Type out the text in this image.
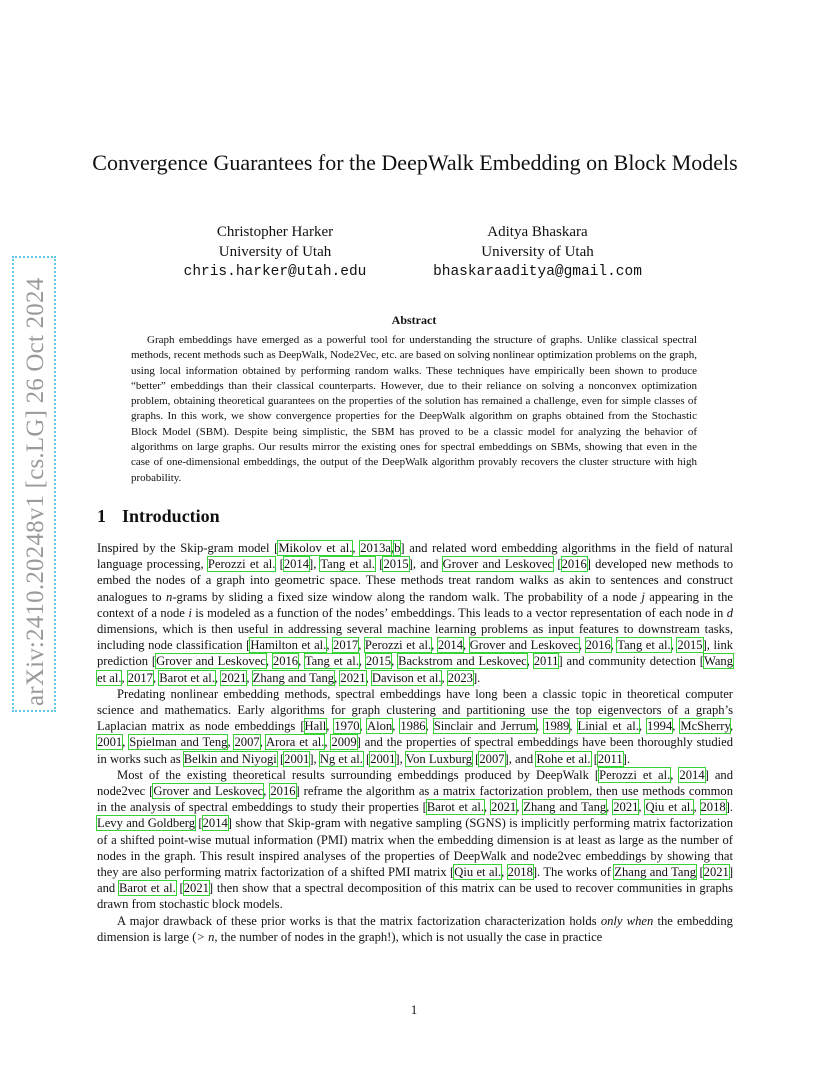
arXiv:2410.20248v1 [cs.LG] 26 Oct 2024
Convergence Guarantees for the DeepWalk Embedding on Block Models
Christopher Harker
University of Utah
chris.harker@utah.edu
Aditya Bhaskara
University of Utah
bhaskaraaditya@gmail.com
Abstract
Graph embeddings have emerged as a powerful tool for understanding the structure of graphs. Unlike classical spectral methods, recent methods such as DeepWalk, Node2Vec, etc. are based on solving nonlinear optimization problems on the graph, using local information obtained by performing random walks. These techniques have empirically been shown to produce “better” embeddings than their classical counterparts. However, due to their reliance on solving a nonconvex optimization problem, obtaining theoretical guarantees on the properties of the solution has remained a challenge, even for simple classes of graphs. In this work, we show convergence properties for the DeepWalk algorithm on graphs obtained from the Stochastic Block Model (SBM). Despite being simplistic, the SBM has proved to be a classic model for analyzing the behavior of algorithms on large graphs. Our results mirror the existing ones for spectral embeddings on SBMs, showing that even in the case of one-dimensional embeddings, the output of the DeepWalk algorithm provably recovers the cluster structure with high probability.
1 Introduction

Inspired by the Skip-gram model [Mikolov et al., 2013a,b] and related word embedding algorithms in the field of natural language processing, Perozzi et al. [2014], Tang et al. [2015], and Grover and Leskovec [2016] developed new methods to embed the nodes of a graph into geometric space. These methods treat random walks as akin to sentences and construct analogues to n-grams by sliding a fixed size window along the random walk. The probability of a node j appearing in the context of a node i is modeled as a function of the nodes’ embeddings. This leads to a vector representation of each node in d dimensions, which is then useful in addressing several machine learning problems as input features to downstream tasks, including node classification [Hamilton et al., 2017, Perozzi et al., 2014, Grover and Leskovec, 2016, Tang et al., 2015], link prediction [Grover and Leskovec, 2016, Tang et al., 2015, Backstrom and Leskovec, 2011] and community detection [Wang et al., 2017, Barot et al., 2021, Zhang and Tang, 2021, Davison et al., 2023].

Predating nonlinear embedding methods, spectral embeddings have long been a classic topic in theoretical computer science and mathematics. Early algorithms for graph clustering and partitioning use the top eigenvectors of a graph’s Laplacian matrix as node embeddings [Hall, 1970, Alon, 1986, Sinclair and Jerrum, 1989, Linial et al., 1994, McSherry, 2001, Spielman and Teng, 2007, Arora et al., 2009] and the properties of spectral embeddings have been thoroughly studied in works such as Belkin and Niyogi [2001], Ng et al. [2001], Von Luxburg [2007], and Rohe et al. [2011].

Most of the existing theoretical results surrounding embeddings produced by DeepWalk [Perozzi et al., 2014] and node2vec [Grover and Leskovec, 2016] reframe the algorithm as a matrix factorization problem, then use methods common in the analysis of spectral embeddings to study their properties [Barot et al., 2021, Zhang and Tang, 2021, Qiu et al., 2018]. Levy and Goldberg [2014] show that Skip-gram with negative sampling (SGNS) is implicitly performing matrix factorization of a shifted point-wise mutual information (PMI) matrix when the embedding dimension is at least as large as the number of nodes in the graph. This result inspired analyses of the properties of DeepWalk and node2vec embeddings by showing that they are also performing matrix factorization of a shifted PMI matrix [Qiu et al., 2018]. The works of Zhang and Tang [2021] and Barot et al. [2021] then show that a spectral decomposition of this matrix can be used to recover communities in graphs drawn from stochastic block models.

A major drawback of these prior works is that the matrix factorization characterization holds only when the embedding dimension is large (> n, the number of nodes in the graph!), which is not usually the case in practice

1
